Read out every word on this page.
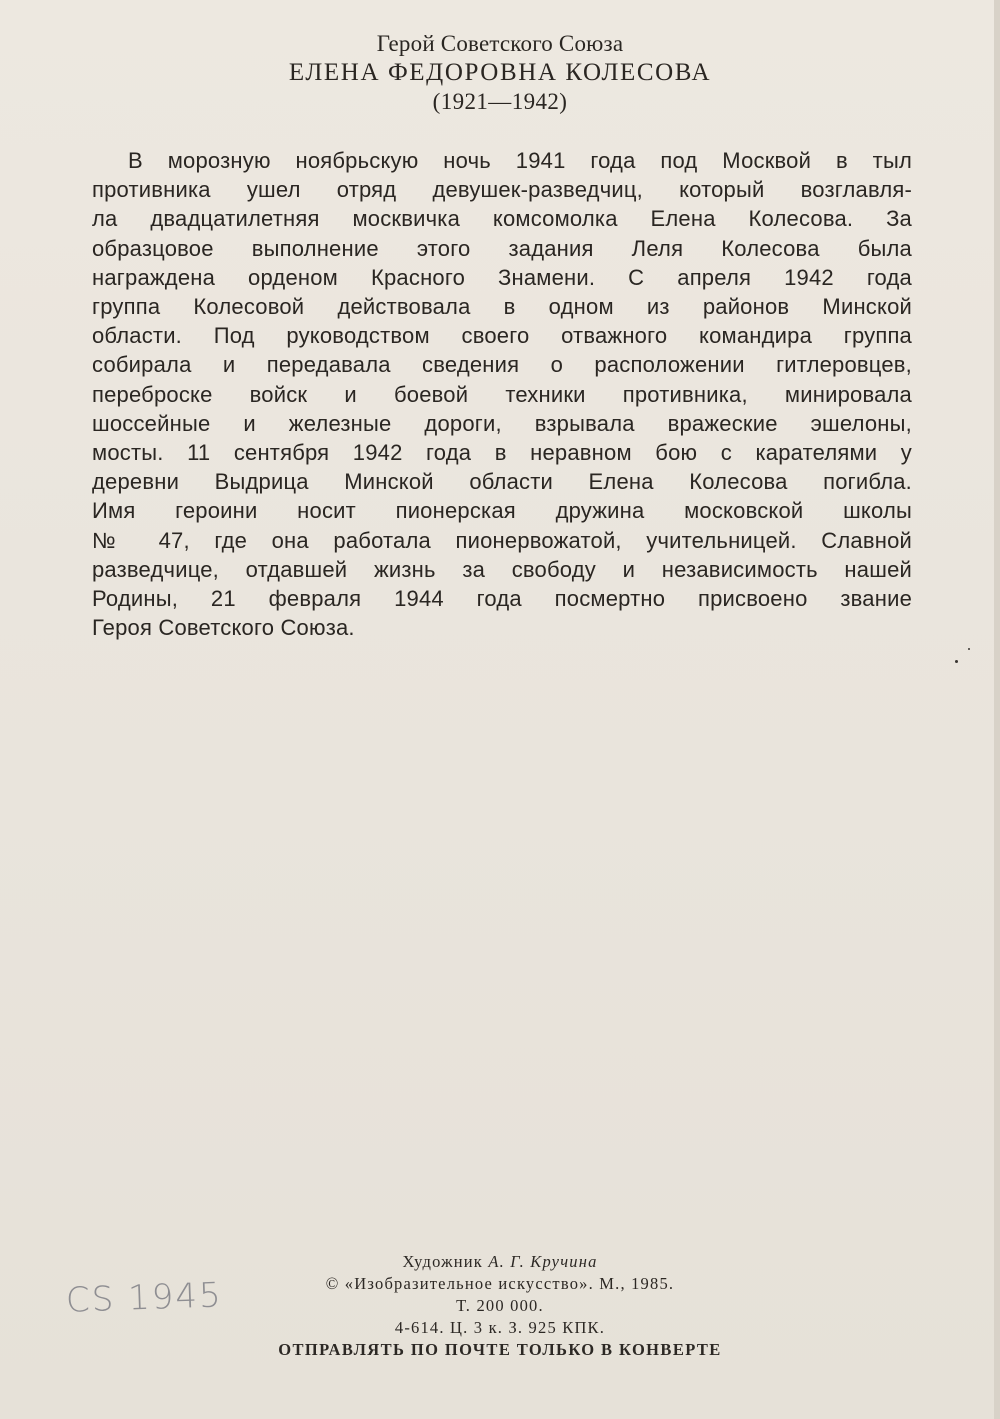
Герой Советского Союза
ЕЛЕНА ФЕДОРОВНА КОЛЕСОВА
(1921—1942)
В морозную ноябрьскую ночь 1941 года под Москвой в тыл
противника ушел отряд девушек-разведчиц, который возглавля-
ла двадцатилетняя москвичка комсомолка Елена Колесова. За
образцовое выполнение этого задания Леля Колесова была
награждена орденом Красного Знамени. С апреля 1942 года
группа Колесовой действовала в одном из районов Минской
области. Под руководством своего отважного командира группа
собирала и передавала сведения о расположении гитлеровцев,
переброске войск и боевой техники противника, минировала
шоссейные и железные дороги, взрывала вражеские эшелоны,
мосты. 11 сентября 1942 года в неравном бою с карателями у
деревни Выдрица Минской области Елена Колесова погибла.
Имя героини носит пионерская дружина московской школы
№ 47, где она работала пионервожатой, учительницей. Славной
разведчице, отдавшей жизнь за свободу и независимость нашей
Родины, 21 февраля 1944 года посмертно присвоено звание
Героя Советского Союза.
CS 1945
Художник А. Г. Кручина
© «Изобразительное искусство». М., 1985.
Т. 200 000.
4-614. Ц. 3 к. З. 925 КПК.
ОТПРАВЛЯТЬ ПО ПОЧТЕ ТОЛЬКО В КОНВЕРТЕ
